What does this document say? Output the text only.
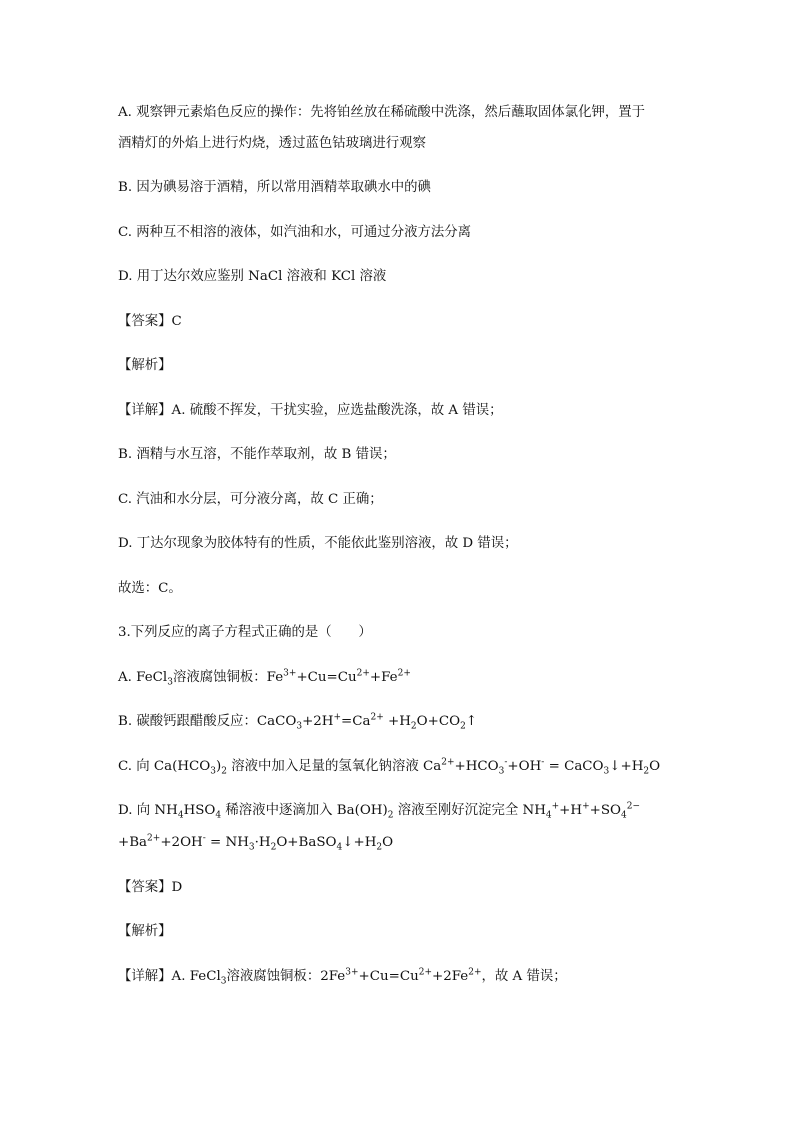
A. 观察钾元素焰色反应的操作：先将铂丝放在稀硫酸中洗涤，然后蘸取固体氯化钾，置于
酒精灯的外焰上进行灼烧，透过蓝色钴玻璃进行观察
B. 因为碘易溶于酒精，所以常用酒精萃取碘水中的碘
C. 两种互不相溶的液体，如汽油和水，可通过分液方法分离
D. 用丁达尔效应鉴别 NaCl 溶液和 KCl 溶液
【答案】C
【解析】
【详解】A. 硫酸不挥发，干扰实验，应选盐酸洗涤，故 A 错误；
B. 酒精与水互溶，不能作萃取剂，故 B 错误；
C. 汽油和水分层，可分液分离，故 C 正确；
D. 丁达尔现象为胶体特有的性质，不能依此鉴别溶液，故 D 错误；
故选：C。
3.下列反应的离子方程式正确的是（　　）
A. FeCl$_3$溶液腐蚀铜板：$Fe^{3+}+Cu=Cu^{2+}+Fe^{2+}$
B. 碳酸钙跟醋酸反应：$CaCO_3+2H^+=Ca^{2+}$ $+H_2O+CO_2↑$
C. 向 $Ca(HCO_3)_2$ 溶液中加入足量的氢氧化钠溶液 $Ca^{2+}+HCO_3^-+OH^-$ = $CaCO_3↓+H_2O$
D. 向 $NH_4HSO_4$ 稀溶液中逐滴加入 $Ba(OH)_2$ 溶液至刚好沉淀完全 $NH_4^++H^++SO_4^{2-}$
$+Ba^{2+}+2OH^-$ = $NH_3\cdot H_2O+BaSO_4↓+H_2O$
【答案】D
【解析】
【详解】A. FeCl$_3$溶液腐蚀铜板：$2Fe^{3+}+Cu=Cu^{2+}+2Fe^{2+}$，故 A 错误；
